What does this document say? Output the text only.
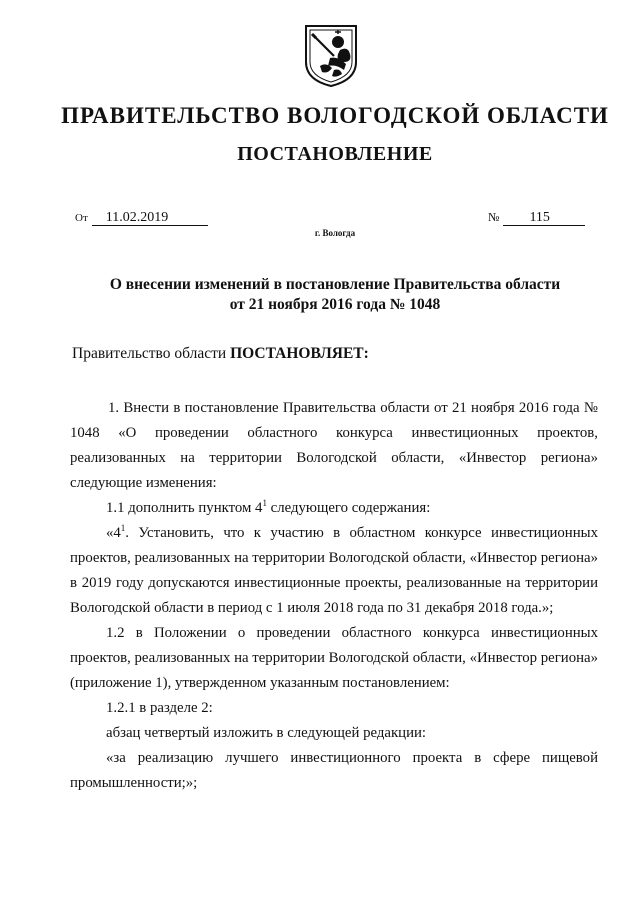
ПРАВИТЕЛЬСТВО ВОЛОГОДСКОЙ ОБЛАСТИ
ПОСТАНОВЛЕНИЕ
От 11.02.2019	№ 115

г. Вологда

О внесении изменений в постановление Правительства области
от 21 ноября 2016 года № 1048

Правительство области ПОСТАНОВЛЯЕТ:

1. Внести в постановление Правительства области от 21 ноября 2016 года № 1048 «О проведении областного конкурса инвестиционных проектов, реализованных на территории Вологодской области, «Инвестор региона» следующие изменения:

1.1 дополнить пунктом $4^1$ следующего содержания:

«$4^1$. Установить, что к участию в областном конкурсе инвестиционных проектов, реализованных на территории Вологодской области, «Инвестор региона» в 2019 году допускаются инвестиционные проекты, реализованные на территории Вологодской области в период с 1 июля 2018 года по 31 декабря 2018 года.»;

1.2 в Положении о проведении областного конкурса инвестиционных проектов, реализованных на территории Вологодской области, «Инвестор региона» (приложение 1), утвержденном указанным постановлением:

1.2.1 в разделе 2:

абзац четвертый изложить в следующей редакции:

«за реализацию лучшего инвестиционного проекта в сфере пищевой промышленности;»;
